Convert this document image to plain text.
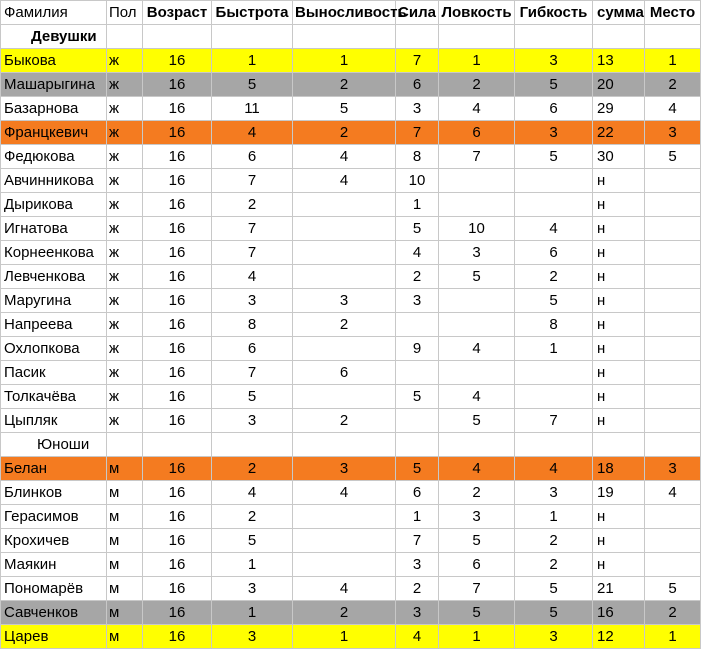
Фамилия	Пол	Возраст	Быстрота	Выносливость	Сила	Ловкость	Гибкость	сумма	Место
Девушки									
Быкова	ж	16	1	1	7	1	3	13	1
Машарыгина	ж	16	5	2	6	2	5	20	2
Базарнова	ж	16	11	5	3	4	6	29	4
Францкевич	ж	16	4	2	7	6	3	22	3
Федюкова	ж	16	6	4	8	7	5	30	5
Авчинникова	ж	16	7	4	10			н	
Дырикова	ж	16	2		1			н	
Игнатова	ж	16	7		5	10	4	н	
Корнеенкова	ж	16	7		4	3	6	н	
Левченкова	ж	16	4		2	5	2	н	
Маругина	ж	16	3	3	3		5	н	
Напреева	ж	16	8	2			8	н	
Охлопкова	ж	16	6		9	4	1	н	
Пасик	ж	16	7	6				н	
Толкачёва	ж	16	5		5	4		н	
Цыпляк	ж	16	3	2		5	7	н	
Юноши									
Белан	м	16	2	3	5	4	4	18	3
Блинков	м	16	4	4	6	2	3	19	4
Герасимов	м	16	2		1	3	1	н	
Крохичев	м	16	5		7	5	2	н	
Маякин	м	16	1		3	6	2	н	
Пономарёв	м	16	3	4	2	7	5	21	5
Савченков	м	16	1	2	3	5	5	16	2
Царев	м	16	3	1	4	1	3	12	1
